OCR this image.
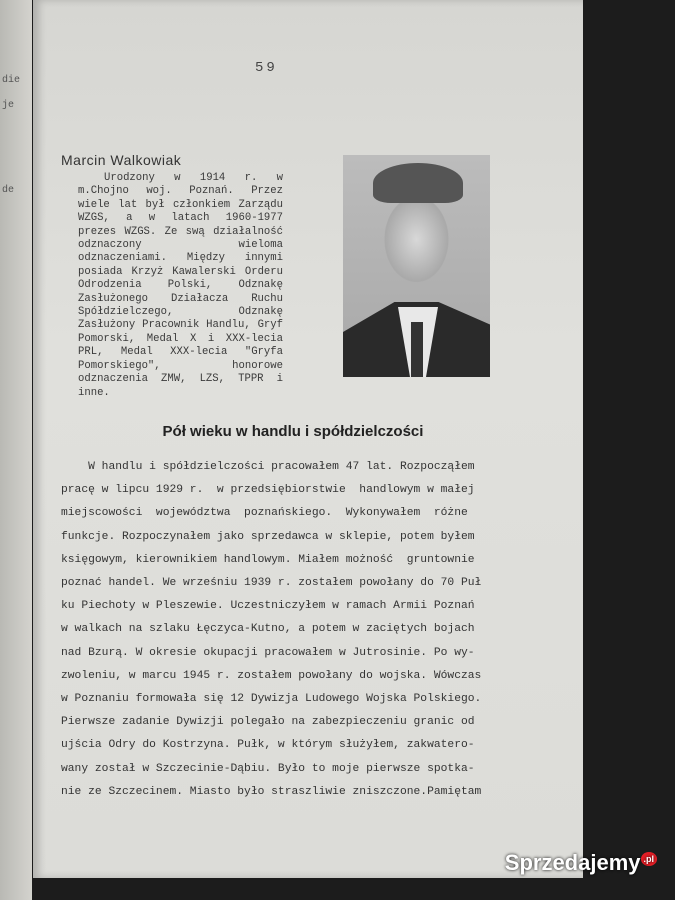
die
je
de
59
Marcin Walkowiak

Urodzony w 1914 r. w m.Chojno woj. Poznań. Przez wiele lat był członkiem Zarządu WZGS, a w latach 1960-1977 prezes WZGS. Ze swą działalność odznaczony wieloma odznaczeniami. Między innymi posiada Krzyż Kawalerski Orderu Odrodzenia Polski, Odznakę Zasłużonego Działacza Ruchu Spółdzielczego, Odznakę Zasłużony Pracownik Handlu, Gryf Pomorski, Medal X i XXX-lecia PRL, Medal XXX-lecia "Gryfa Pomorskiego", honorowe odznaczenia ZMW, LZS, TPPR i inne.

Pół wieku w handlu i spółdzielczości
W handlu i spółdzielczości pracowałem 47 lat. Rozpocząłem
pracę w lipcu 1929 r.  w przedsiębiorstwie  handlowym w małej
miejscowości  województwa  poznańskiego.  Wykonywałem  różne
funkcje. Rozpoczynałem jako sprzedawca w sklepie, potem byłem
księgowym, kierownikiem handlowym. Miałem możność  gruntownie
poznać handel. We wrześniu 1939 r. zostałem powołany do 70 Puł
ku Piechoty w Pleszewie. Uczestniczyłem w ramach Armii Poznań
w walkach na szlaku Łęczyca-Kutno, a potem w zaciętych bojach
nad Bzurą. W okresie okupacji pracowałem w Jutrosinie. Po wy-
zwoleniu, w marcu 1945 r. zostałem powołany do wojska. Wówczas
w Poznaniu formowała się 12 Dywizja Ludowego Wojska Polskiego.
Pierwsze zadanie Dywizji polegało na zabezpieczeniu granic od
ujścia Odry do Kostrzyna. Pułk, w którym służyłem, zakwatero-
wany został w Szczecinie-Dąbiu. Było to moje pierwsze spotka-
nie ze Szczecinem. Miasto było straszliwie zniszczone.Pamiętam
Sprzedajemy $^{.pl}$
